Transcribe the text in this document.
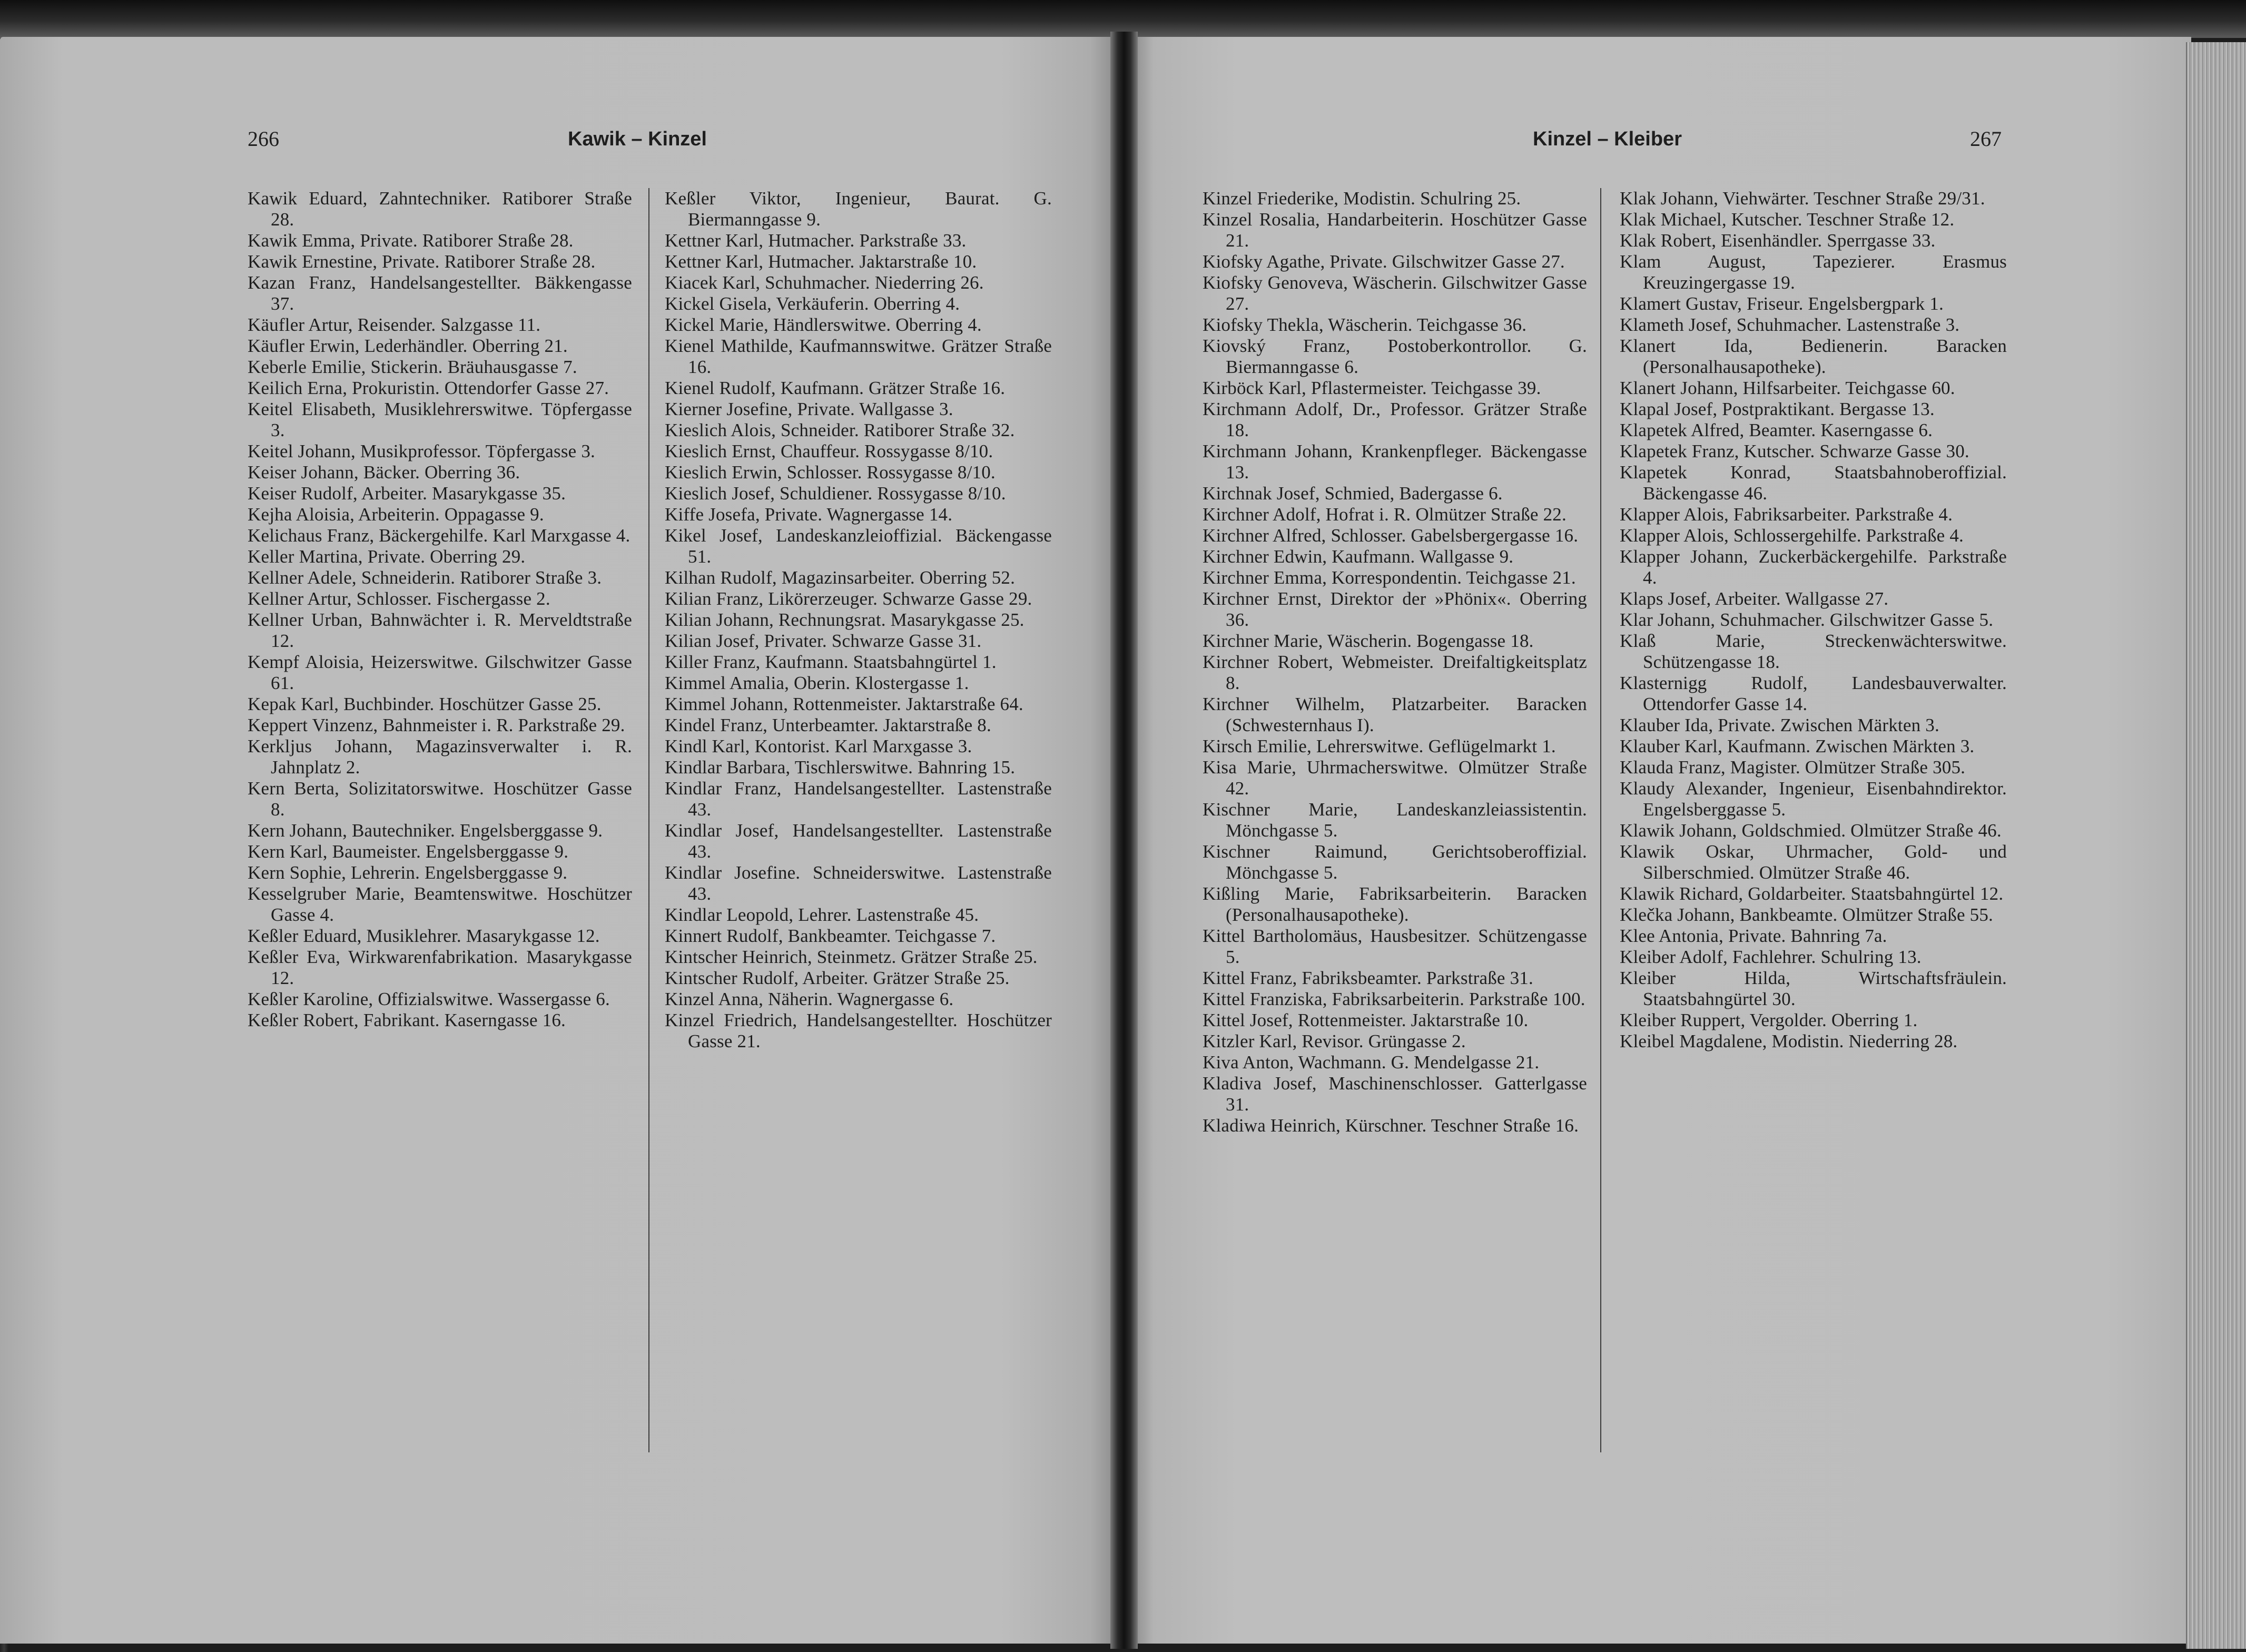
266	Kawik – Kinzel	Kinzel – Kleiber	267
Kawik Eduard, Zahntechniker. Ratiborer Straße 28.
Kawik Emma, Private. Ratiborer Straße 28.
Kawik Ernestine, Private. Ratiborer Straße 28.
Kazan Franz, Handelsangestellter. Bäkkengasse 37.
Käufler Artur, Reisender. Salzgasse 11.
Käufler Erwin, Lederhändler. Oberring 21.
Keberle Emilie, Stickerin. Bräuhausgasse 7.
Keilich Erna, Prokuristin. Ottendorfer Gasse 27.
Keitel Elisabeth, Musiklehrerswitwe. Töpfergasse 3.
Keitel Johann, Musikprofessor. Töpfergasse 3.
Keiser Johann, Bäcker. Oberring 36.
Keiser Rudolf, Arbeiter. Masarykgasse 35.
Kejha Aloisia, Arbeiterin. Oppagasse 9.
Kelichaus Franz, Bäckergehilfe. Karl Marxgasse 4.
Keller Martina, Private. Oberring 29.
Kellner Adele, Schneiderin. Ratiborer Straße 3.
Kellner Artur, Schlosser. Fischergasse 2.
Kellner Urban, Bahnwächter i. R. Merveldtstraße 12.
Kempf Aloisia, Heizerswitwe. Gilschwitzer Gasse 61.
Kepak Karl, Buchbinder. Hoschützer Gasse 25.
Keppert Vinzenz, Bahnmeister i. R. Parkstraße 29.
Kerkljus Johann, Magazinsverwalter i. R. Jahnplatz 2.
Kern Berta, Solizitatorswitwe. Hoschützer Gasse 8.
Kern Johann, Bautechniker. Engelsberggasse 9.
Kern Karl, Baumeister. Engelsberggasse 9.
Kern Sophie, Lehrerin. Engelsberggasse 9.
Kesselgruber Marie, Beamtenswitwe. Hoschützer Gasse 4.
Keßler Eduard, Musiklehrer. Masarykgasse 12.
Keßler Eva, Wirkwarenfabrikation. Masarykgasse 12.
Keßler Karoline, Offizialswitwe. Wassergasse 6.
Keßler Robert, Fabrikant. Kaserngasse 16.
Keßler Viktor, Ingenieur, Baurat. G. Biermanngasse 9.
Kettner Karl, Hutmacher. Parkstraße 33.
Kettner Karl, Hutmacher. Jaktarstraße 10.
Kiacek Karl, Schuhmacher. Niederring 26.
Kickel Gisela, Verkäuferin. Oberring 4.
Kickel Marie, Händlerswitwe. Oberring 4.
Kienel Mathilde, Kaufmannswitwe. Grätzer Straße 16.
Kienel Rudolf, Kaufmann. Grätzer Straße 16.
Kierner Josefine, Private. Wallgasse 3.
Kieslich Alois, Schneider. Ratiborer Straße 32.
Kieslich Ernst, Chauffeur. Rossygasse 8/10.
Kieslich Erwin, Schlosser. Rossygasse 8/10.
Kieslich Josef, Schuldiener. Rossygasse 8/10.
Kiffe Josefa, Private. Wagnergasse 14.
Kikel Josef, Landeskanzleioffizial. Bäckengasse 51.
Kilhan Rudolf, Magazinsarbeiter. Oberring 52.
Kilian Franz, Likörerzeuger. Schwarze Gasse 29.
Kilian Johann, Rechnungsrat. Masarykgasse 25.
Kilian Josef, Privater. Schwarze Gasse 31.
Killer Franz, Kaufmann. Staatsbahngürtel 1.
Kimmel Amalia, Oberin. Klostergasse 1.
Kimmel Johann, Rottenmeister. Jaktarstraße 64.
Kindel Franz, Unterbeamter. Jaktarstraße 8.
Kindl Karl, Kontorist. Karl Marxgasse 3.
Kindlar Barbara, Tischlerswitwe. Bahnring 15.
Kindlar Franz, Handelsangestellter. Lastenstraße 43.
Kindlar Josef, Handelsangestellter. Lastenstraße 43.
Kindlar Josefine. Schneiderswitwe. Lastenstraße 43.
Kindlar Leopold, Lehrer. Lastenstraße 45.
Kinnert Rudolf, Bankbeamter. Teichgasse 7.
Kintscher Heinrich, Steinmetz. Grätzer Straße 25.
Kintscher Rudolf, Arbeiter. Grätzer Straße 25.
Kinzel Anna, Näherin. Wagnergasse 6.
Kinzel Friedrich, Handelsangestellter. Hoschützer Gasse 21.
Kinzel Friederike, Modistin. Schulring 25.
Kinzel Rosalia, Handarbeiterin. Hoschützer Gasse 21.
Kiofsky Agathe, Private. Gilschwitzer Gasse 27.
Kiofsky Genoveva, Wäscherin. Gilschwitzer Gasse 27.
Kiofsky Thekla, Wäscherin. Teichgasse 36.
Kiovský Franz, Postoberkontrollor. G. Biermanngasse 6.
Kirböck Karl, Pflastermeister. Teichgasse 39.
Kirchmann Adolf, Dr., Professor. Grätzer Straße 18.
Kirchmann Johann, Krankenpfleger. Bäckengasse 13.
Kirchnak Josef, Schmied, Badergasse 6.
Kirchner Adolf, Hofrat i. R. Olmützer Straße 22.
Kirchner Alfred, Schlosser. Gabelsbergergasse 16.
Kirchner Edwin, Kaufmann. Wallgasse 9.
Kirchner Emma, Korrespondentin. Teichgasse 21.
Kirchner Ernst, Direktor der »Phönix«. Oberring 36.
Kirchner Marie, Wäscherin. Bogengasse 18.
Kirchner Robert, Webmeister. Dreifaltigkeitsplatz 8.
Kirchner Wilhelm, Platzarbeiter. Baracken (Schwesternhaus I).
Kirsch Emilie, Lehrerswitwe. Geflügelmarkt 1.
Kisa Marie, Uhrmacherswitwe. Olmützer Straße 42.
Kischner Marie, Landeskanzleiassistentin. Mönchgasse 5.
Kischner Raimund, Gerichtsoberoffizial. Mönchgasse 5.
Kißling Marie, Fabriksarbeiterin. Baracken (Personalhausapotheke).
Kittel Bartholomäus, Hausbesitzer. Schützengasse 5.
Kittel Franz, Fabriksbeamter. Parkstraße 31.
Kittel Franziska, Fabriksarbeiterin. Parkstraße 100.
Kittel Josef, Rottenmeister. Jaktarstraße 10.
Kitzler Karl, Revisor. Grüngasse 2.
Kiva Anton, Wachmann. G. Mendelgasse 21.
Kladiva Josef, Maschinenschlosser. Gatterlgasse 31.
Kladiwa Heinrich, Kürschner. Teschner Straße 16.
Klak Johann, Viehwärter. Teschner Straße 29/31.
Klak Michael, Kutscher. Teschner Straße 12.
Klak Robert, Eisenhändler. Sperrgasse 33.
Klam August, Tapezierer. Erasmus Kreuzingergasse 19.
Klamert Gustav, Friseur. Engelsbergpark 1.
Klameth Josef, Schuhmacher. Lastenstraße 3.
Klanert Ida, Bedienerin. Baracken (Personalhausapotheke).
Klanert Johann, Hilfsarbeiter. Teichgasse 60.
Klapal Josef, Postpraktikant. Bergasse 13.
Klapetek Alfred, Beamter. Kaserngasse 6.
Klapetek Franz, Kutscher. Schwarze Gasse 30.
Klapetek Konrad, Staatsbahnoberoffizial. Bäckengasse 46.
Klapper Alois, Fabriksarbeiter. Parkstraße 4.
Klapper Alois, Schlossergehilfe. Parkstraße 4.
Klapper Johann, Zuckerbäckergehilfe. Parkstraße 4.
Klaps Josef, Arbeiter. Wallgasse 27.
Klar Johann, Schuhmacher. Gilschwitzer Gasse 5.
Klaß Marie, Streckenwächterswitwe. Schützengasse 18.
Klasternigg Rudolf, Landesbauverwalter. Ottendorfer Gasse 14.
Klauber Ida, Private. Zwischen Märkten 3.
Klauber Karl, Kaufmann. Zwischen Märkten 3.
Klauda Franz, Magister. Olmützer Straße 305.
Klaudy Alexander, Ingenieur, Eisenbahndirektor. Engelsberggasse 5.
Klawik Johann, Goldschmied. Olmützer Straße 46.
Klawik Oskar, Uhrmacher, Gold- und Silberschmied. Olmützer Straße 46.
Klawik Richard, Goldarbeiter. Staatsbahngürtel 12.
Klečka Johann, Bankbeamte. Olmützer Straße 55.
Klee Antonia, Private. Bahnring 7a.
Kleiber Adolf, Fachlehrer. Schulring 13.
Kleiber Hilda, Wirtschaftsfräulein. Staatsbahngürtel 30.
Kleiber Ruppert, Vergolder. Oberring 1.
Kleibel Magdalene, Modistin. Niederring 28.
